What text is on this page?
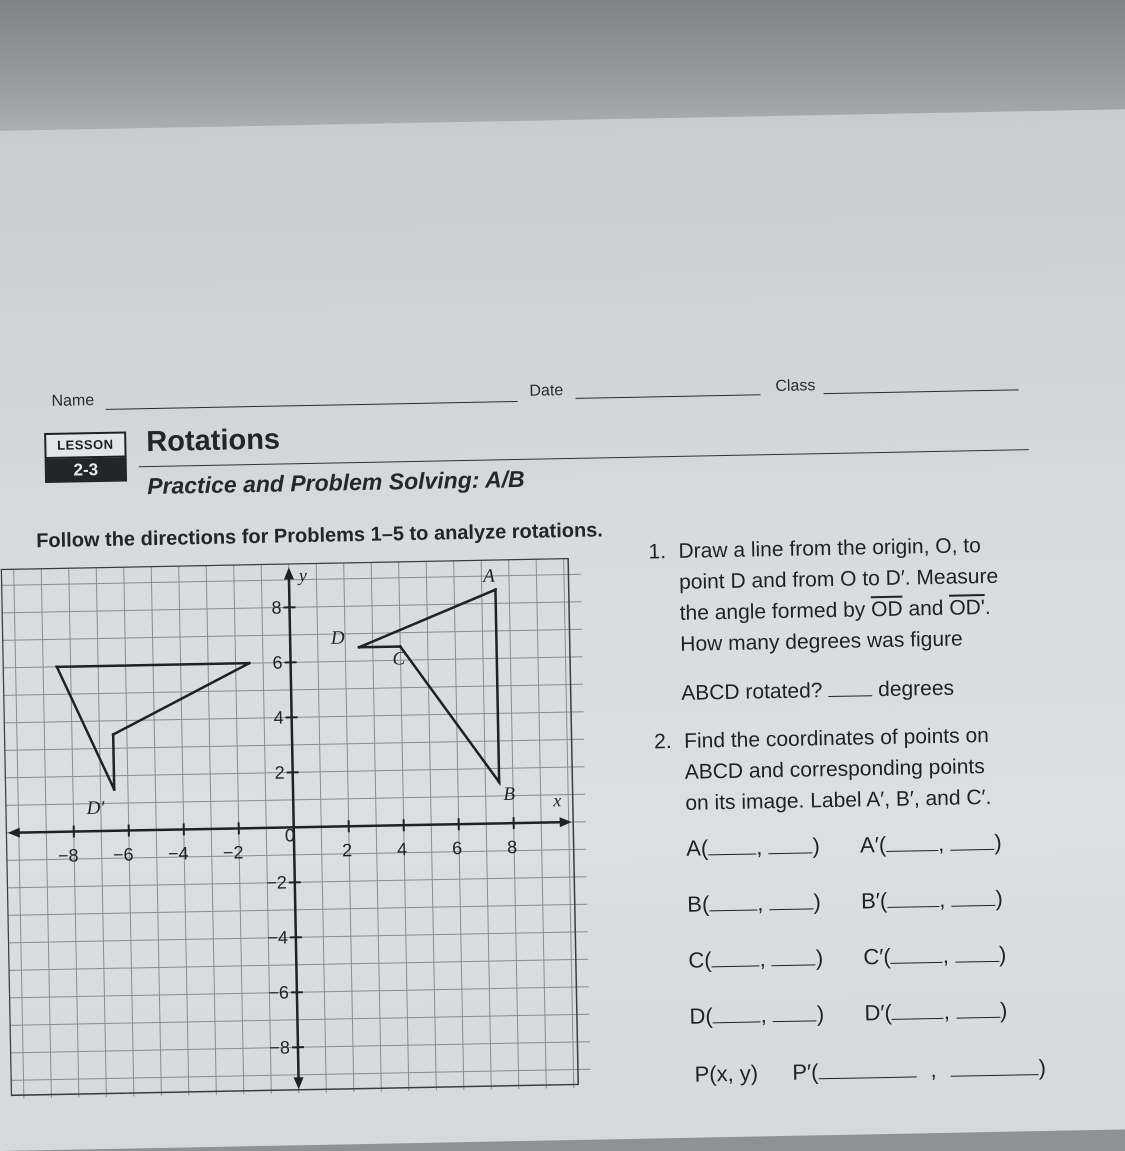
Name
Date	Class
LESSON
2-3
Rotations
Practice and Problem Solving: A/B
Follow the directions for Problems 1–5 to analyze rotations.
−8 −6 −4 −2
0
2 4 6 8
8
6
4
2
−2
−4
−6
−8
A
B
C
D
D′	x
y
1. Draw a line from the origin, O, to
point D and from O to D′. Measure
the angle formed by $\overline{OD}$ and OD'.
How many degrees was figure
ABCD rotated?	degrees
2. Find the coordinates of points on
ABCD and corresponding points
on its image. Label A′, B′, and C′.
A( , ) A′( , )
B( , ) B′( , )
C( , ) C′( , )
D( , ) D′( , )
P(x, y) P′(	,	)
